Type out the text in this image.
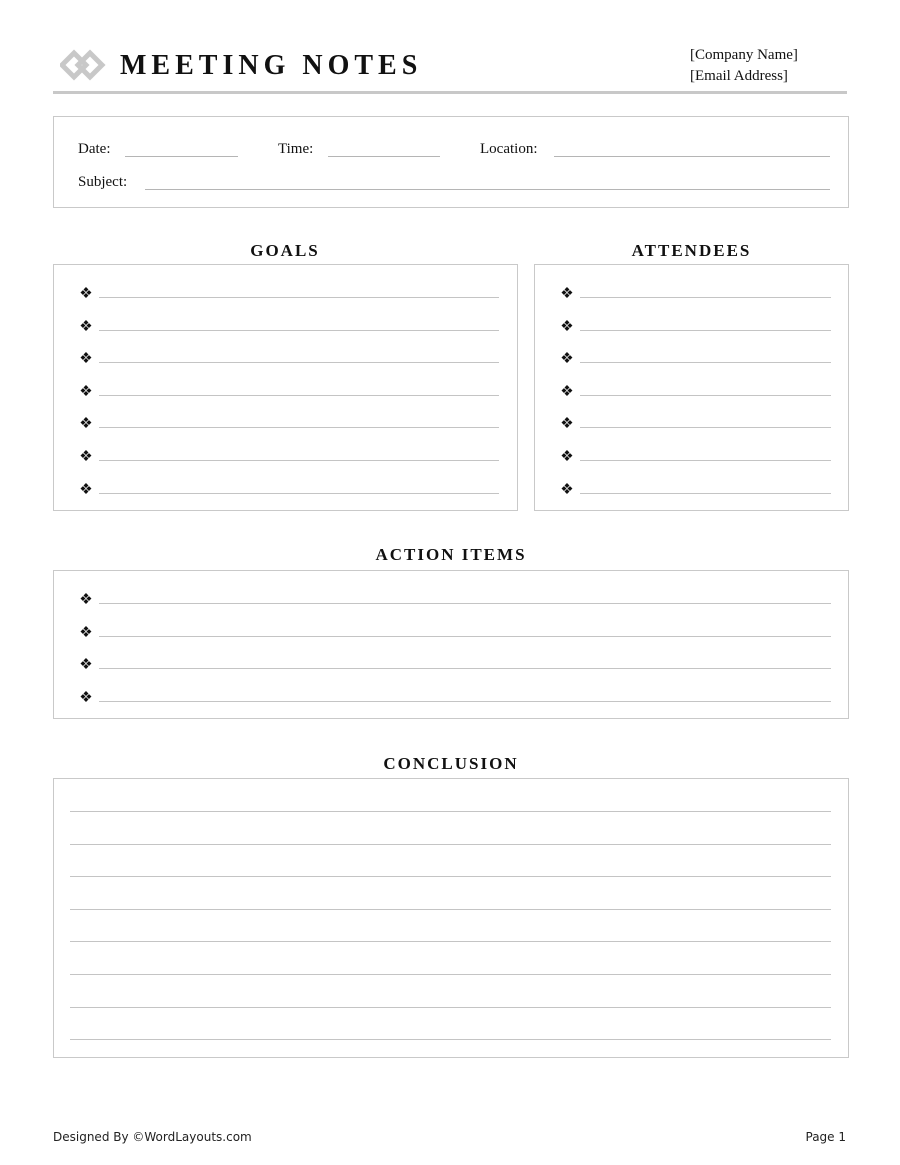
MEETING NOTES	[Company Name]
[Email Address]
Date:	Time:	Location:
Subject:
GOALS
❖
❖
❖
❖
❖
❖
❖
ATTENDEES
❖
❖
❖
❖
❖
❖
❖
ACTION ITEMS
❖
❖
❖
❖
CONCLUSION
Designed By ©WordLayouts.com	Page 1
